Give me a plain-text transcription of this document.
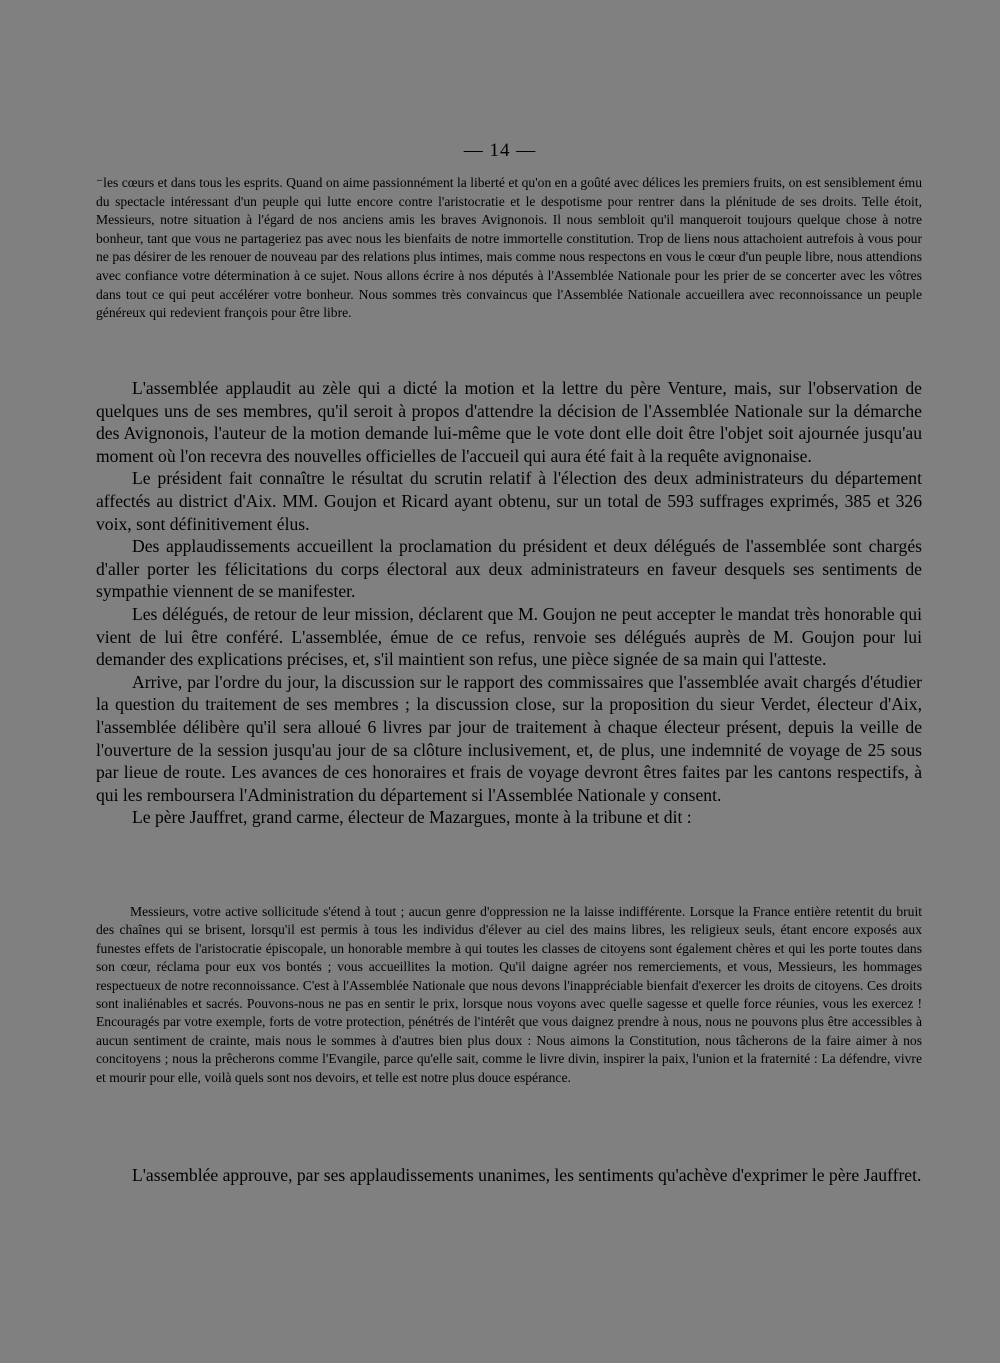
— 14 —

⁻les cœurs et dans tous les esprits. Quand on aime passionnément la liberté et qu'on en a goûté avec délices les premiers fruits, on est sensiblement ému du spectacle intéressant d'un peuple qui lutte encore contre l'aristocratie et le despotisme pour rentrer dans la plénitude de ses droits. Telle étoit, Messieurs, notre situation à l'égard de nos anciens amis les braves Avignonois. Il nous sembloit qu'il manqueroit toujours quelque chose à notre bonheur, tant que vous ne partageriez pas avec nous les bienfaits de notre immortelle constitution. Trop de liens nous attachoient autrefois à vous pour ne pas désirer de les renouer de nouveau par des relations plus intimes, mais comme nous respectons en vous le cœur d'un peuple libre, nous attendions avec confiance votre détermination à ce sujet. Nous allons écrire à nos députés à l'Assemblée Nationale pour les prier de se concerter avec les vôtres dans tout ce qui peut accélérer votre bonheur. Nous sommes très convaincus que l'Assemblée Nationale accueillera avec reconnoissance un peuple généreux qui redevient françois pour être libre.

L'assemblée applaudit au zèle qui a dicté la motion et la lettre du père Venture, mais, sur l'observation de quelques uns de ses membres, qu'il seroit à propos d'attendre la décision de l'Assemblée Nationale sur la démarche des Avignonois, l'auteur de la motion demande lui-même que le vote dont elle doit être l'objet soit ajournée jusqu'au moment où l'on recevra des nouvelles officielles de l'accueil qui aura été fait à la requête avignonaise.

Le président fait connaître le résultat du scrutin relatif à l'élection des deux administrateurs du département affectés au district d'Aix. MM. Goujon et Ricard ayant obtenu, sur un total de 593 suffrages exprimés, 385 et 326 voix, sont définitivement élus.

Des applaudissements accueillent la proclamation du président et deux délégués de l'assemblée sont chargés d'aller porter les félicitations du corps électoral aux deux administrateurs en faveur desquels ses sentiments de sympathie viennent de se manifester.

Les délégués, de retour de leur mission, déclarent que M. Goujon ne peut accepter le mandat très honorable qui vient de lui être conféré. L'assemblée, émue de ce refus, renvoie ses délégués auprès de M. Goujon pour lui demander des explications précises, et, s'il maintient son refus, une pièce signée de sa main qui l'atteste.

Arrive, par l'ordre du jour, la discussion sur le rapport des commissaires que l'assemblée avait chargés d'étudier la question du traitement de ses membres ; la discussion close, sur la proposition du sieur Verdet, électeur d'Aix, l'assemblée délibère qu'il sera alloué 6 livres par jour de traitement à chaque électeur présent, depuis la veille de l'ouverture de la session jusqu'au jour de sa clôture inclusivement, et, de plus, une indemnité de voyage de 25 sous par lieue de route. Les avances de ces honoraires et frais de voyage devront êtres faites par les cantons respectifs, à qui les remboursera l'Administration du département si l'Assemblée Nationale y consent.

Le père Jauffret, grand carme, électeur de Mazargues, monte à la tribune et dit :

Messieurs, votre active sollicitude s'étend à tout ; aucun genre d'oppression ne la laisse indifférente. Lorsque la France entière retentit du bruit des chaînes qui se brisent, lorsqu'il est permis à tous les individus d'élever au ciel des mains libres, les religieux seuls, étant encore exposés aux funestes effets de l'aristocratie épiscopale, un honorable membre à qui toutes les classes de citoyens sont également chères et qui les porte toutes dans son cœur, réclama pour eux vos bontés ; vous accueillites la motion. Qu'il daigne agréer nos remerciements, et vous, Messieurs, les hommages respectueux de notre reconnoissance. C'est à l'Assemblée Nationale que nous devons l'inappréciable bienfait d'exercer les droits de citoyens. Ces droits sont inaliénables et sacrés. Pouvons-nous ne pas en sentir le prix, lorsque nous voyons avec quelle sagesse et quelle force réunies, vous les exercez ! Encouragés par votre exemple, forts de votre protection, pénétrés de l'intérêt que vous daignez prendre à nous, nous ne pouvons plus être accessibles à aucun sentiment de crainte, mais nous le sommes à d'autres bien plus doux : Nous aimons la Constitution, nous tâcherons de la faire aimer à nos concitoyens ; nous la prêcherons comme l'Evangile, parce qu'elle sait, comme le livre divin, inspirer la paix, l'union et la fraternité : La défendre, vivre et mourir pour elle, voilà quels sont nos devoirs, et telle est notre plus douce espérance.

L'assemblée approuve, par ses applaudissements unanimes, les sentiments qu'achève d'exprimer le père Jauffret.
